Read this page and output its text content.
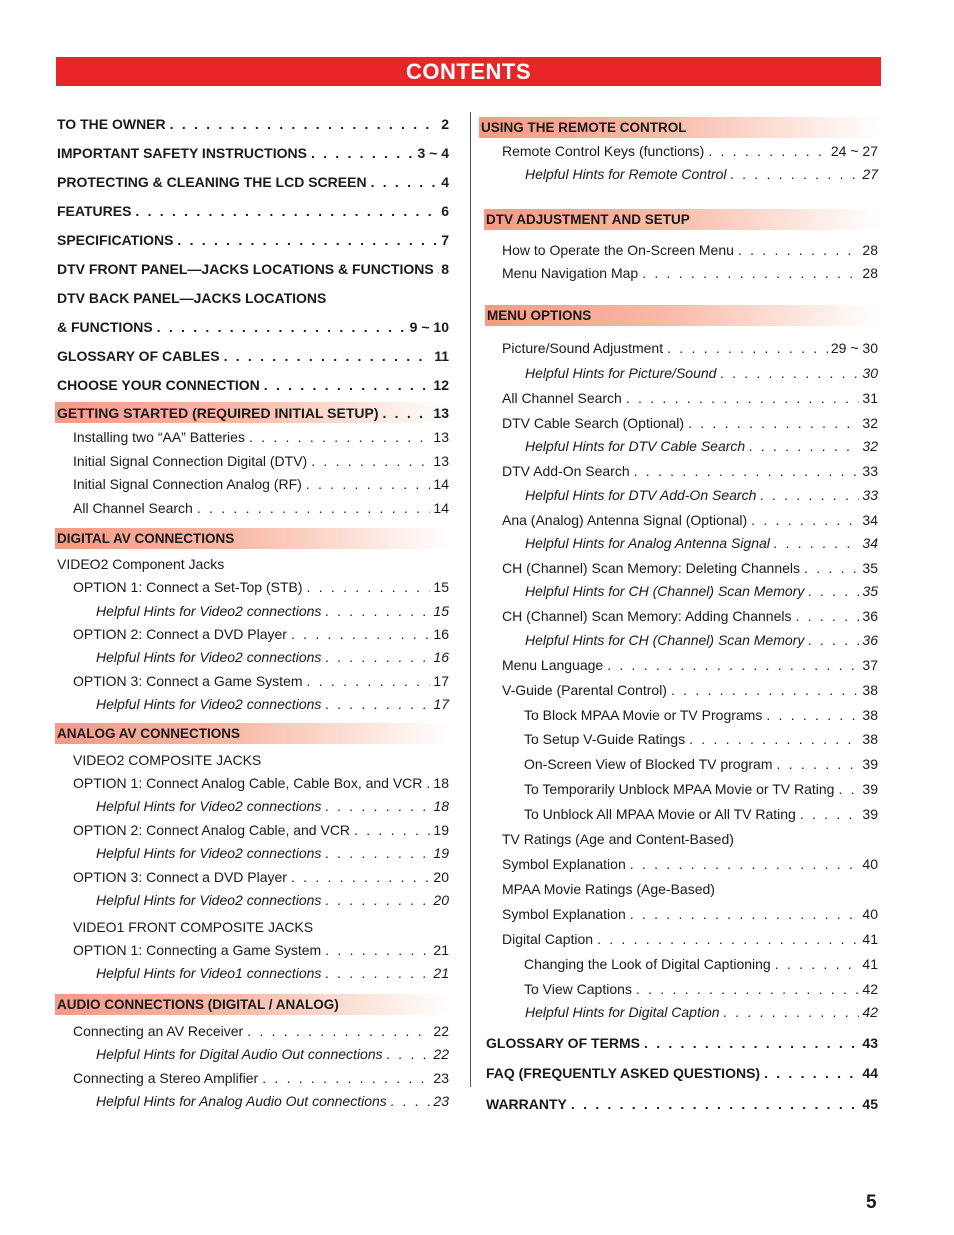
CONTENTS
TO THE OWNER . . .	2
IMPORTANT SAFETY INSTRUCTIONS . . .	3 ~ 4
PROTECTING & CLEANING THE LCD SCREEN . . .	4
FEATURES . . .	6
SPECIFICATIONS . . .	7
DTV FRONT PANEL—JACKS LOCATIONS & FUNCTIONS . . . 8
DTV BACK PANEL—JACKS LOCATIONS
& FUNCTIONS . . .	9 ~ 10
GLOSSARY OF CABLES . . .	11
CHOOSE YOUR CONNECTION . . .	12
GETTING STARTED (REQUIRED INITIAL SETUP) . . .	13
Installing two “AA” Batteries . . .	13
Initial Signal Connection Digital (DTV) . . .	13
Initial Signal Connection Analog (RF) . . .	14
All Channel Search . . .	14
DIGITAL AV CONNECTIONS
VIDEO2 Component Jacks
OPTION 1: Connect a Set-Top (STB) . . .	15
Helpful Hints for Video2 connections . . .	15
OPTION 2: Connect a DVD Player . . .	16
Helpful Hints for Video2 connections . . .	16
OPTION 3: Connect a Game System . . .	17
Helpful Hints for Video2 connections . . .	17
ANALOG AV CONNECTIONS
VIDEO2 COMPOSITE JACKS
OPTION 1: Connect Analog Cable, Cable Box, and VCR . . . 18
Helpful Hints for Video2 connections . . .	18
OPTION 2: Connect Analog Cable, and VCR . . .	19
Helpful Hints for Video2 connections . . .	19
OPTION 3: Connect a DVD Player . . .	20
Helpful Hints for Video2 connections . . .	20
VIDEO1 FRONT COMPOSITE JACKS
OPTION 1: Connecting a Game System . . .	21
Helpful Hints for Video1 connections . . .	21
AUDIO CONNECTIONS (DIGITAL / ANALOG)
Connecting an AV Receiver . . .	22
Helpful Hints for Digital Audio Out connections . . .	22
Connecting a Stereo Amplifier . . .	23
Helpful Hints for Analog Audio Out connections . . .	23
USING THE REMOTE CONTROL
Remote Control Keys (functions) . . .	24 ~ 27
Helpful Hints for Remote Control . . .	27
DTV ADJUSTMENT AND SETUP
How to Operate the On-Screen Menu . . .	28
Menu Navigation Map . . .	28
MENU OPTIONS
Picture/Sound Adjustment . . .	29 ~ 30
Helpful Hints for Picture/Sound . . .	30
All Channel Search . . .	31
DTV Cable Search (Optional) . . .	32
Helpful Hints for DTV Cable Search . . .	32
DTV Add-On Search . . .	33
Helpful Hints for DTV Add-On Search . . .	33
Ana (Analog) Antenna Signal (Optional) . . .	34
Helpful Hints for Analog Antenna Signal . . .	34
CH (Channel) Scan Memory: Deleting Channels . . .	35
Helpful Hints for CH (Channel) Scan Memory . . .	35
CH (Channel) Scan Memory: Adding Channels . . .	36
Helpful Hints for CH (Channel) Scan Memory . . .	36
Menu Language . . .	37
V-Guide (Parental Control) . . .	38
To Block MPAA Movie or TV Programs . . .	38
To Setup V-Guide Ratings . . .	38
On-Screen View of Blocked TV program . . .	39
To Temporarily Unblock MPAA Movie or TV Rating . . . 39
To Unblock All MPAA Movie or All TV Rating . . .	39
TV Ratings (Age and Content-Based)
Symbol Explanation . . .	40
MPAA Movie Ratings (Age-Based)
Symbol Explanation . . .	40
Digital Caption . . .	41
Changing the Look of Digital Captioning . . .	41
To View Captions . . .	42
Helpful Hints for Digital Caption . . .	42
GLOSSARY OF TERMS . . .	43
FAQ (FREQUENTLY ASKED QUESTIONS) . . .	44
WARRANTY . . .	45
5
